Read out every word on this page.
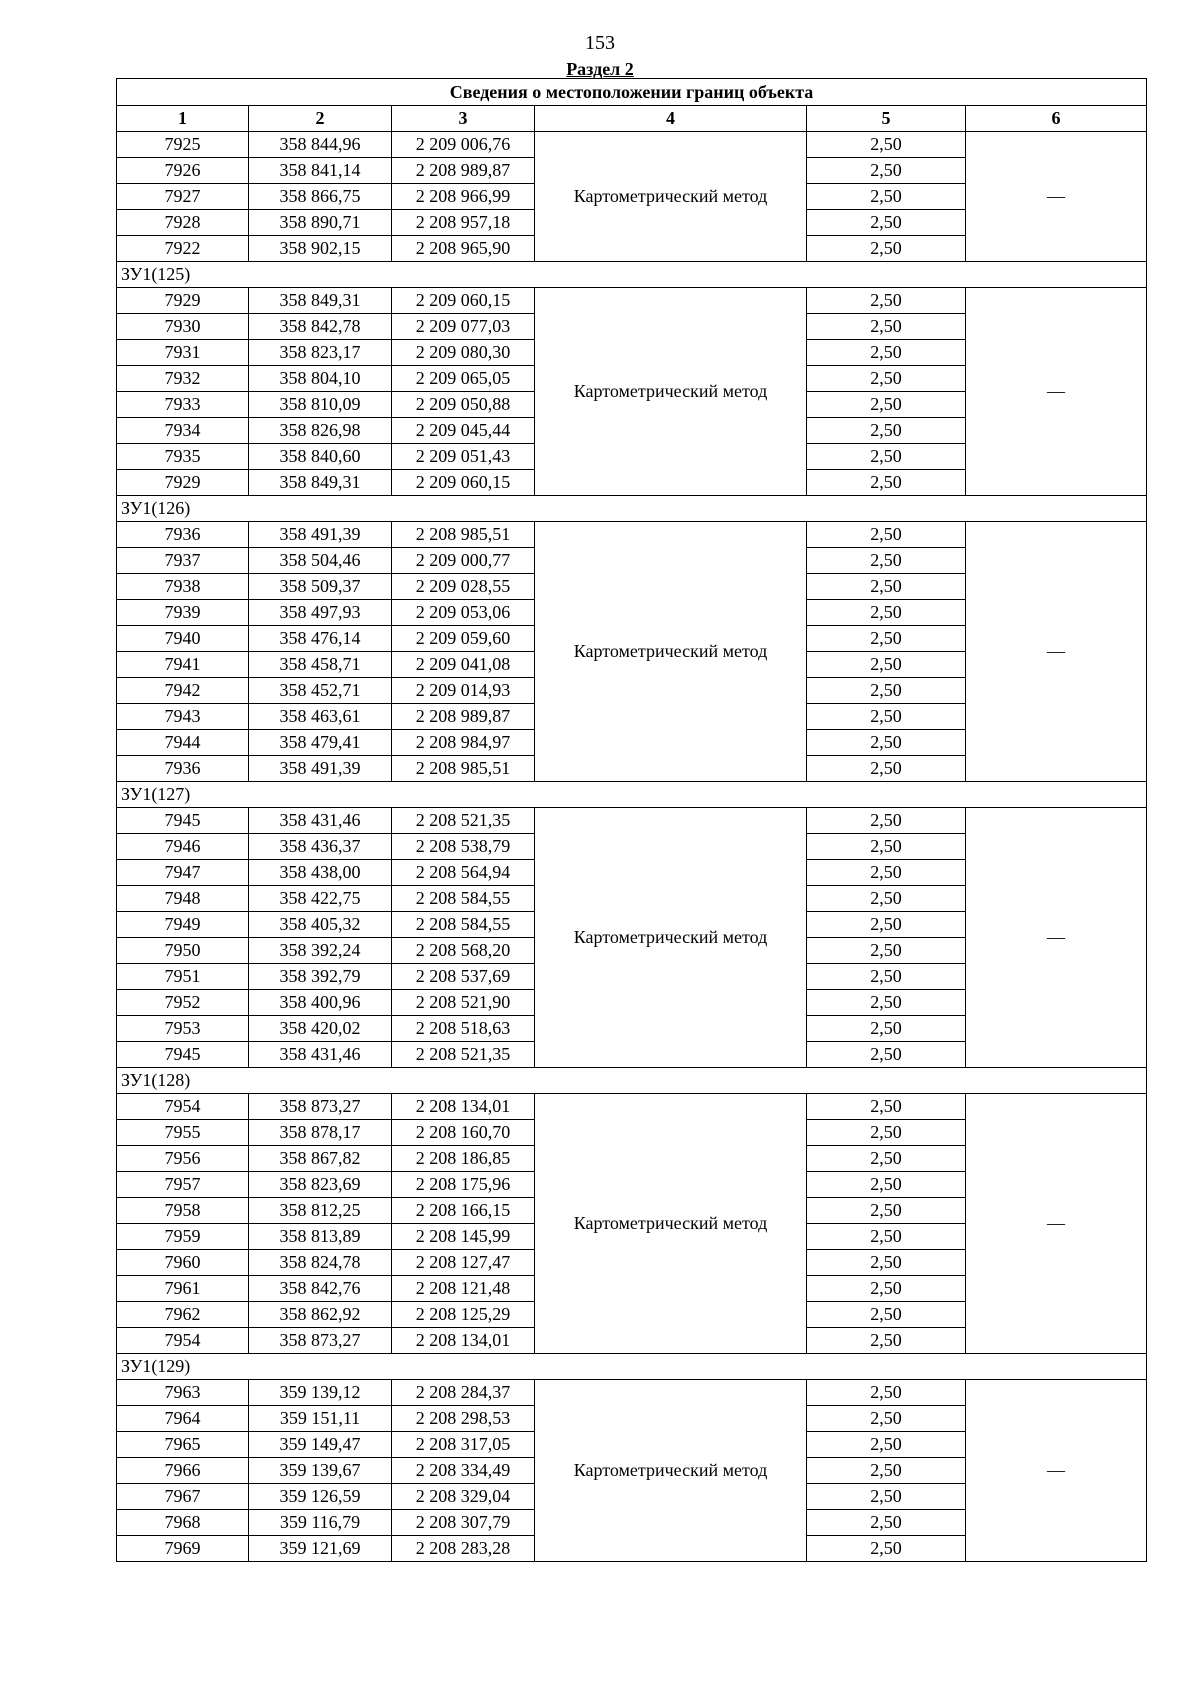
153
Раздел 2
Сведения о местоположении границ объекта					
1	2	3	4	5	6
7925	358 844,96	2 209 006,76	Картометрический метод	2,50	—
7926	358 841,14	2 208 989,87		2,50	
7927	358 866,75	2 208 966,99		2,50	
7928	358 890,71	2 208 957,18		2,50	
7922	358 902,15	2 208 965,90		2,50	
ЗУ1(125)					
7929	358 849,31	2 209 060,15	Картометрический метод	2,50	—
7930	358 842,78	2 209 077,03		2,50	
7931	358 823,17	2 209 080,30		2,50	
7932	358 804,10	2 209 065,05		2,50	
7933	358 810,09	2 209 050,88		2,50	
7934	358 826,98	2 209 045,44		2,50	
7935	358 840,60	2 209 051,43		2,50	
7929	358 849,31	2 209 060,15		2,50	
ЗУ1(126)					
7936	358 491,39	2 208 985,51	Картометрический метод	2,50	—
7937	358 504,46	2 209 000,77		2,50	
7938	358 509,37	2 209 028,55		2,50	
7939	358 497,93	2 209 053,06		2,50	
7940	358 476,14	2 209 059,60		2,50	
7941	358 458,71	2 209 041,08		2,50	
7942	358 452,71	2 209 014,93		2,50	
7943	358 463,61	2 208 989,87		2,50	
7944	358 479,41	2 208 984,97		2,50	
7936	358 491,39	2 208 985,51		2,50	
ЗУ1(127)					
7945	358 431,46	2 208 521,35	Картометрический метод	2,50	—
7946	358 436,37	2 208 538,79		2,50	
7947	358 438,00	2 208 564,94		2,50	
7948	358 422,75	2 208 584,55		2,50	
7949	358 405,32	2 208 584,55		2,50	
7950	358 392,24	2 208 568,20		2,50	
7951	358 392,79	2 208 537,69		2,50	
7952	358 400,96	2 208 521,90		2,50	
7953	358 420,02	2 208 518,63		2,50	
7945	358 431,46	2 208 521,35		2,50	
ЗУ1(128)					
7954	358 873,27	2 208 134,01	Картометрический метод	2,50	—
7955	358 878,17	2 208 160,70		2,50	
7956	358 867,82	2 208 186,85		2,50	
7957	358 823,69	2 208 175,96		2,50	
7958	358 812,25	2 208 166,15		2,50	
7959	358 813,89	2 208 145,99		2,50	
7960	358 824,78	2 208 127,47		2,50	
7961	358 842,76	2 208 121,48		2,50	
7962	358 862,92	2 208 125,29		2,50	
7954	358 873,27	2 208 134,01		2,50	
ЗУ1(129)					
7963	359 139,12	2 208 284,37	Картометрический метод	2,50	—
7964	359 151,11	2 208 298,53		2,50	
7965	359 149,47	2 208 317,05		2,50	
7966	359 139,67	2 208 334,49		2,50	
7967	359 126,59	2 208 329,04		2,50	
7968	359 116,79	2 208 307,79		2,50	
7969	359 121,69	2 208 283,28		2,50	
